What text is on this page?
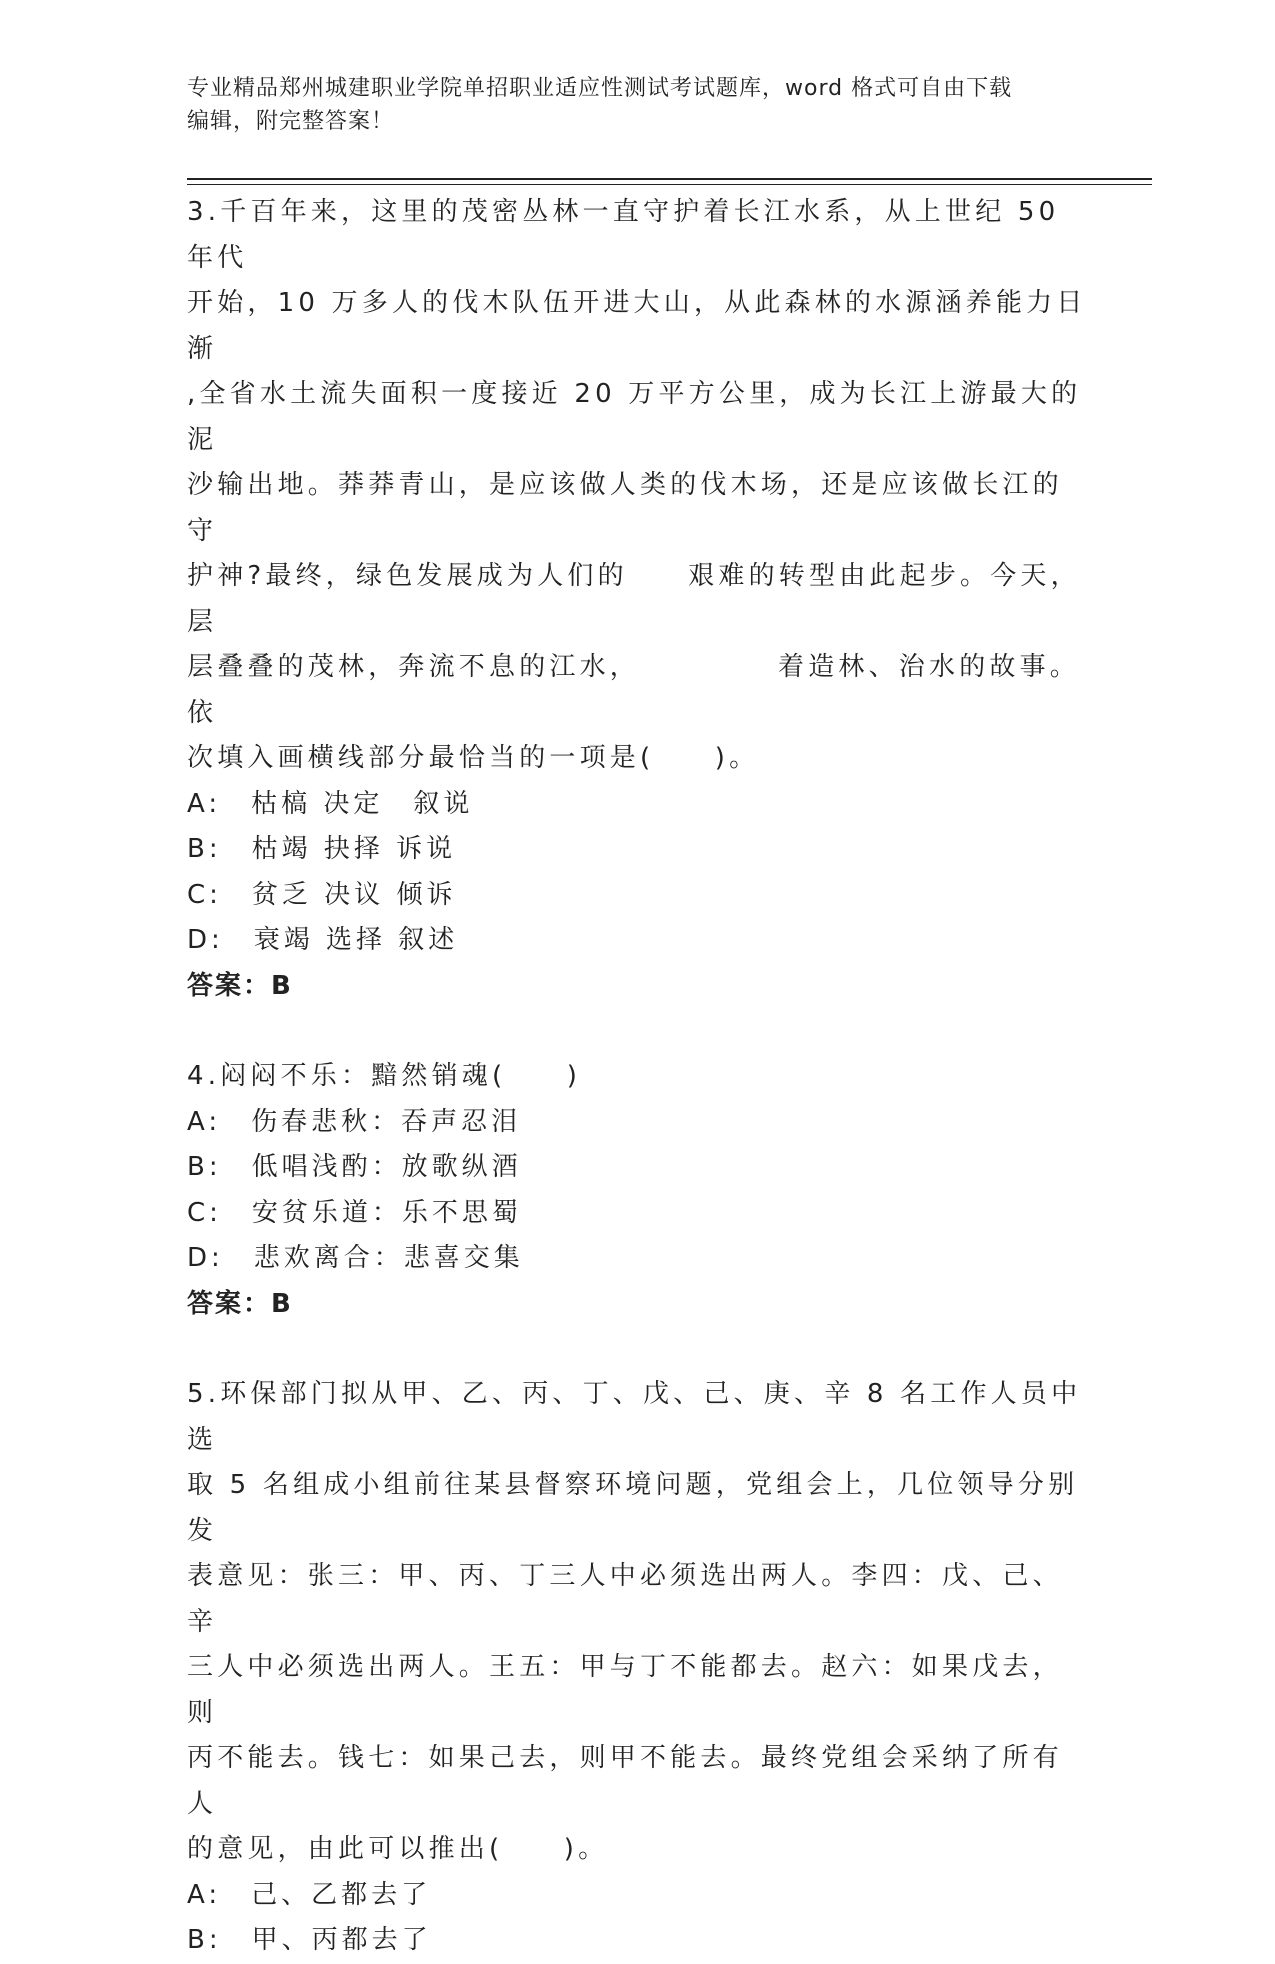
专业精品郑州城建职业学院单招职业适应性测试考试题库，word 格式可自由下载
编辑，附完整答案！

3.千百年来，这里的茂密丛林一直守护着长江水系，从上世纪 50 年代

开始，10 万多人的伐木队伍开进大山，从此森林的水源涵养能力日渐

,全省水土流失面积一度接近 20 万平方公里，成为长江上游最大的泥

沙输出地。莽莽青山，是应该做人类的伐木场，还是应该做长江的守

护神?最终，绿色发展成为人们的　　艰难的转型由此起步。今天，层

层叠叠的茂林，奔流不息的江水，　　　　　着造林、治水的故事。依

次填入画横线部分最恰当的一项是(　　)。

A:　枯槁 决定　叙说

B:　枯竭 抉择 诉说

C:　贫乏 决议 倾诉

D:　衰竭 选择 叙述

答案：B

4.闷闷不乐：黯然销魂(　　)

A:　伤春悲秋：吞声忍泪

B:　低唱浅酌：放歌纵酒

C:　安贫乐道：乐不思蜀

D:　悲欢离合：悲喜交集

答案：B

5.环保部门拟从甲、乙、丙、丁、戊、己、庚、辛 8 名工作人员中选

取 5 名组成小组前往某县督察环境问题，党组会上，几位领导分别发

表意见：张三：甲、丙、丁三人中必须选出两人。李四：戊、己、辛

三人中必须选出两人。王五：甲与丁不能都去。赵六：如果戊去，则

丙不能去。钱七：如果己去，则甲不能去。最终党组会采纳了所有人

的意见，由此可以推出(　　)。

A:　己、乙都去了

B:　甲、丙都去了
